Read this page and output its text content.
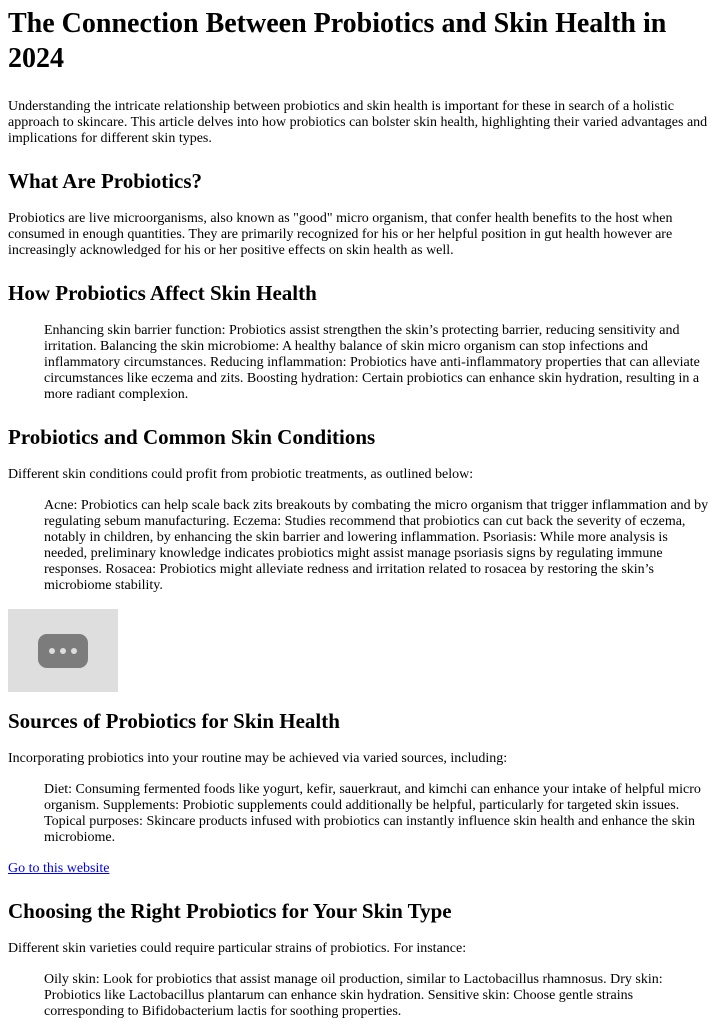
The Connection Between Probiotics and Skin Health in 2024

Understanding the intricate relationship between probiotics and skin health is important for these in search of a holistic approach to skincare. This article delves into how probiotics can bolster skin health, highlighting their varied advantages and implications for different skin types.

What Are Probiotics?

Probiotics are live microorganisms, also known as "good" micro organism, that confer health benefits to the host when consumed in enough quantities. They are primarily recognized for his or her helpful position in gut health however are increasingly acknowledged for his or her positive effects on skin health as well.

How Probiotics Affect Skin Health
Enhancing skin barrier function: Probiotics assist strengthen the skin’s protecting barrier, reducing sensitivity and irritation. Balancing the skin microbiome: A healthy balance of skin micro organism can stop infections and inflammatory circumstances. Reducing inflammation: Probiotics have anti-inflammatory properties that can alleviate circumstances like eczema and zits. Boosting hydration: Certain probiotics can enhance skin hydration, resulting in a more radiant complexion.
Probiotics and Common Skin Conditions

Different skin conditions could profit from probiotic treatments, as outlined below:

Acne: Probiotics can help scale back zits breakouts by combating the micro organism that trigger inflammation and by regulating sebum manufacturing. Eczema: Studies recommend that probiotics can cut back the severity of eczema, notably in children, by enhancing the skin barrier and lowering inflammation. Psoriasis: While more analysis is needed, preliminary knowledge indicates probiotics might assist manage psoriasis signs by regulating immune responses. Rosacea: Probiotics might alleviate redness and irritation related to rosacea by restoring the skin’s microbiome stability.
Sources of Probiotics for Skin Health

Incorporating probiotics into your routine may be achieved via varied sources, including:

Diet: Consuming fermented foods like yogurt, kefir, sauerkraut, and kimchi can enhance your intake of helpful micro organism. Supplements: Probiotic supplements could additionally be helpful, particularly for targeted skin issues. Topical purposes: Skincare products infused with probiotics can instantly influence skin health and enhance the skin microbiome.

Go to this website

Choosing the Right Probiotics for Your Skin Type

Different skin varieties could require particular strains of probiotics. For instance:

Oily skin: Look for probiotics that assist manage oil production, similar to Lactobacillus rhamnosus. Dry skin: Probiotics like Lactobacillus plantarum can enhance skin hydration. Sensitive skin: Choose gentle strains corresponding to Bifidobacterium lactis for soothing properties.
